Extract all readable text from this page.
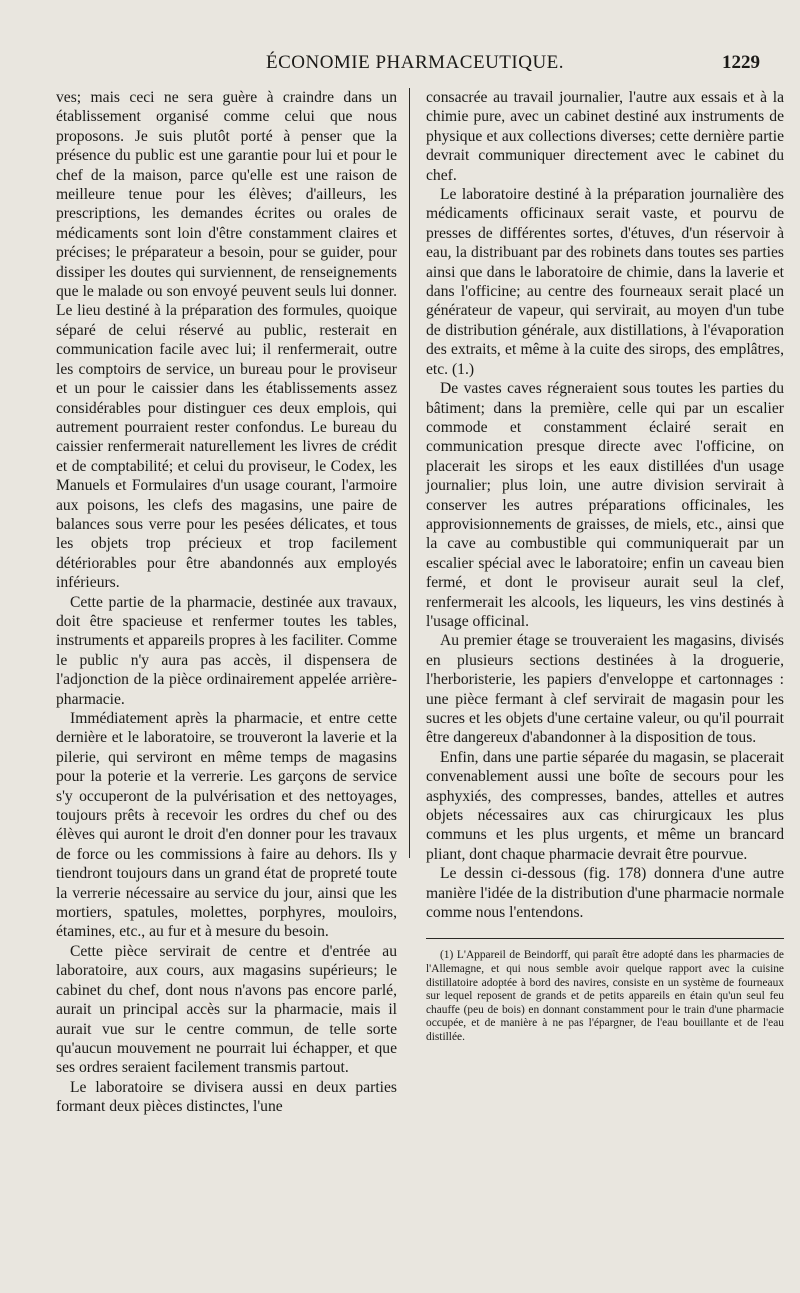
ÉCONOMIE PHARMACEUTIQUE.	1229

ves; mais ceci ne sera guère à craindre dans un établissement organisé comme celui que nous proposons. Je suis plutôt porté à penser que la présence du public est une garantie pour lui et pour le chef de la maison, parce qu'elle est une raison de meilleure tenue pour les élèves; d'ailleurs, les prescriptions, les demandes écrites ou orales de médicaments sont loin d'être constamment claires et précises; le préparateur a besoin, pour se guider, pour dissiper les doutes qui surviennent, de renseignements que le malade ou son envoyé peuvent seuls lui donner. Le lieu destiné à la préparation des formules, quoique séparé de celui réservé au public, resterait en communication facile avec lui; il renfermerait, outre les comptoirs de service, un bureau pour le proviseur et un pour le caissier dans les établissements assez considérables pour distinguer ces deux emplois, qui autrement pourraient rester confondus. Le bureau du caissier renfermerait naturellement les livres de crédit et de comptabilité; et celui du proviseur, le Codex, les Manuels et Formulaires d'un usage courant, l'armoire aux poisons, les clefs des magasins, une paire de balances sous verre pour les pesées délicates, et tous les objets trop précieux et trop facilement détériorables pour être abandonnés aux employés inférieurs.

Cette partie de la pharmacie, destinée aux travaux, doit être spacieuse et renfermer toutes les tables, instruments et appareils propres à les faciliter. Comme le public n'y aura pas accès, il dispensera de l'adjonction de la pièce ordinairement appelée arrière-pharmacie.

Immédiatement après la pharmacie, et entre cette dernière et le laboratoire, se trouveront la laverie et la pilerie, qui serviront en même temps de magasins pour la poterie et la verrerie. Les garçons de service s'y occuperont de la pulvérisation et des nettoyages, toujours prêts à recevoir les ordres du chef ou des élèves qui auront le droit d'en donner pour les travaux de force ou les commissions à faire au dehors. Ils y tiendront toujours dans un grand état de propreté toute la verrerie nécessaire au service du jour, ainsi que les mortiers, spatules, molettes, porphyres, mouloirs, étamines, etc., au fur et à mesure du besoin.

Cette pièce servirait de centre et d'entrée au laboratoire, aux cours, aux magasins supérieurs; le cabinet du chef, dont nous n'avons pas encore parlé, aurait un principal accès sur la pharmacie, mais il aurait vue sur le centre commun, de telle sorte qu'aucun mouvement ne pourrait lui échapper, et que ses ordres seraient facilement transmis partout.

Le laboratoire se divisera aussi en deux parties formant deux pièces distinctes, l'une

consacrée au travail journalier, l'autre aux essais et à la chimie pure, avec un cabinet destiné aux instruments de physique et aux collections diverses; cette dernière partie devrait communiquer directement avec le cabinet du chef.

Le laboratoire destiné à la préparation journalière des médicaments officinaux serait vaste, et pourvu de presses de différentes sortes, d'étuves, d'un réservoir à eau, la distribuant par des robinets dans toutes ses parties ainsi que dans le laboratoire de chimie, dans la laverie et dans l'officine; au centre des fourneaux serait placé un générateur de vapeur, qui servirait, au moyen d'un tube de distribution générale, aux distillations, à l'évaporation des extraits, et même à la cuite des sirops, des emplâtres, etc. (1.)

De vastes caves régneraient sous toutes les parties du bâtiment; dans la première, celle qui par un escalier commode et constamment éclairé serait en communication presque directe avec l'officine, on placerait les sirops et les eaux distillées d'un usage journalier; plus loin, une autre division servirait à conserver les autres préparations officinales, les approvisionnements de graisses, de miels, etc., ainsi que la cave au combustible qui communiquerait par un escalier spécial avec le laboratoire; enfin un caveau bien fermé, et dont le proviseur aurait seul la clef, renfermerait les alcools, les liqueurs, les vins destinés à l'usage officinal.

Au premier étage se trouveraient les magasins, divisés en plusieurs sections destinées à la droguerie, l'herboristerie, les papiers d'enveloppe et cartonnages : une pièce fermant à clef servirait de magasin pour les sucres et les objets d'une certaine valeur, ou qu'il pourrait être dangereux d'abandonner à la disposition de tous.

Enfin, dans une partie séparée du magasin, se placerait convenablement aussi une boîte de secours pour les asphyxiés, des compresses, bandes, attelles et autres objets nécessaires aux cas chirurgicaux les plus communs et les plus urgents, et même un brancard pliant, dont chaque pharmacie devrait être pourvue.

Le dessin ci-dessous (fig. 178) donnera d'une autre manière l'idée de la distribution d'une pharmacie normale comme nous l'entendons.

(1) L'Appareil de Beindorff, qui paraît être adopté dans les pharmacies de l'Allemagne, et qui nous semble avoir quelque rapport avec la cuisine distillatoire adoptée à bord des navires, consiste en un système de fourneaux sur lequel reposent de grands et de petits appareils en étain qu'un seul feu chauffe (peu de bois) en donnant constamment pour le train d'une pharmacie occupée, et de manière à ne pas l'épargner, de l'eau bouillante et de l'eau distillée.
